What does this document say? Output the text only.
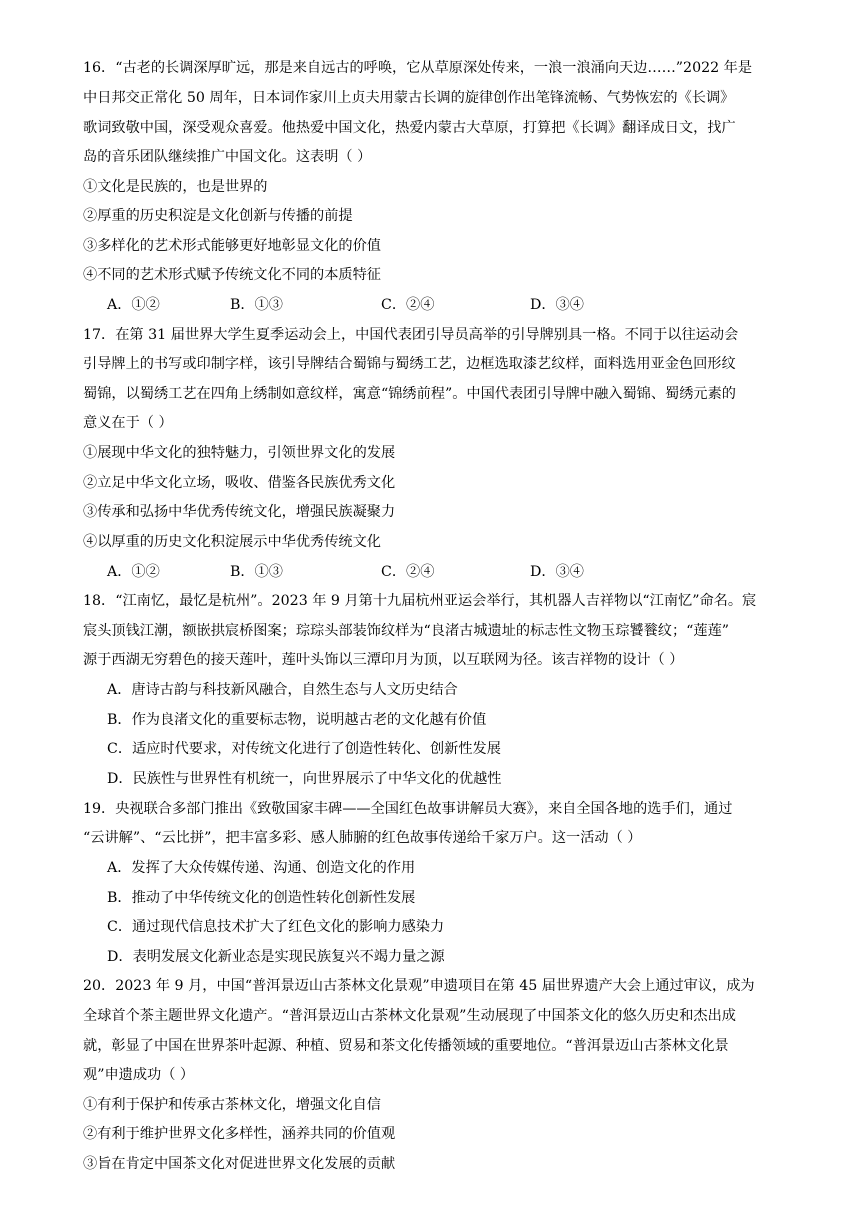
16．“古老的长调深厚旷远，那是来自远古的呼唤，它从草原深处传来，一浪一浪涌向天边……”2022 年是
中日邦交正常化 50 周年，日本词作家川上贞夫用蒙古长调的旋律创作出笔锋流畅、气势恢宏的《长调》
歌词致敬中国，深受观众喜爱。他热爱中国文化，热爱内蒙古大草原，打算把《长调》翻译成日文，找广
岛的音乐团队继续推广中国文化。这表明（ ）
①文化是民族的，也是世界的
②厚重的历史积淀是文化创新与传播的前提
③多样化的艺术形式能够更好地彰显文化的价值
④不同的艺术形式赋予传统文化不同的本质特征
A．①②	B．①③	C．②④	D．③④
17．在第 31 届世界大学生夏季运动会上，中国代表团引导员高举的引导牌别具一格。不同于以往运动会
引导牌上的书写或印制字样，该引导牌结合蜀锦与蜀绣工艺，边框选取漆艺纹样，面料选用亚金色回形纹
蜀锦，以蜀绣工艺在四角上绣制如意纹样，寓意“锦绣前程”。中国代表团引导牌中融入蜀锦、蜀绣元素的
意义在于（ ）
①展现中华文化的独特魅力，引领世界文化的发展
②立足中华文化立场，吸收、借鉴各民族优秀文化
③传承和弘扬中华优秀传统文化，增强民族凝聚力
④以厚重的历史文化积淀展示中华优秀传统文化
A．①②	B．①③	C．②④	D．③④
18．“江南忆，最忆是杭州”。2023 年 9 月第十九届杭州亚运会举行，其机器人吉祥物以“江南忆”命名。宸
宸头顶钱江潮，额嵌拱宸桥图案；琮琮头部装饰纹样为“良渚古城遗址的标志性文物玉琮饕餮纹；“莲莲”
源于西湖无穷碧色的接天莲叶，莲叶头饰以三潭印月为顶，以互联网为径。该吉祥物的设计（ ）
A．唐诗古韵与科技新风融合，自然生态与人文历史结合
B．作为良渚文化的重要标志物，说明越古老的文化越有价值
C．适应时代要求，对传统文化进行了创造性转化、创新性发展
D．民族性与世界性有机统一，向世界展示了中华文化的优越性
19．央视联合多部门推出《致敬国家丰碑——全国红色故事讲解员大赛》，来自全国各地的选手们，通过
“云讲解”、“云比拼”，把丰富多彩、感人肺腑的红色故事传递给千家万户。这一活动（ ）
A．发挥了大众传媒传递、沟通、创造文化的作用
B．推动了中华传统文化的创造性转化创新性发展
C．通过现代信息技术扩大了红色文化的影响力感染力
D．表明发展文化新业态是实现民族复兴不竭力量之源
20．2023 年 9 月，中国“普洱景迈山古茶林文化景观”申遗项目在第 45 届世界遗产大会上通过审议，成为
全球首个茶主题世界文化遗产。“普洱景迈山古茶林文化景观”生动展现了中国茶文化的悠久历史和杰出成
就，彰显了中国在世界茶叶起源、种植、贸易和茶文化传播领域的重要地位。“普洱景迈山古茶林文化景
观”申遗成功（ ）
①有利于保护和传承古茶林文化，增强文化自信
②有利于维护世界文化多样性，涵养共同的价值观
③旨在肯定中国茶文化对促进世界文化发展的贡献
